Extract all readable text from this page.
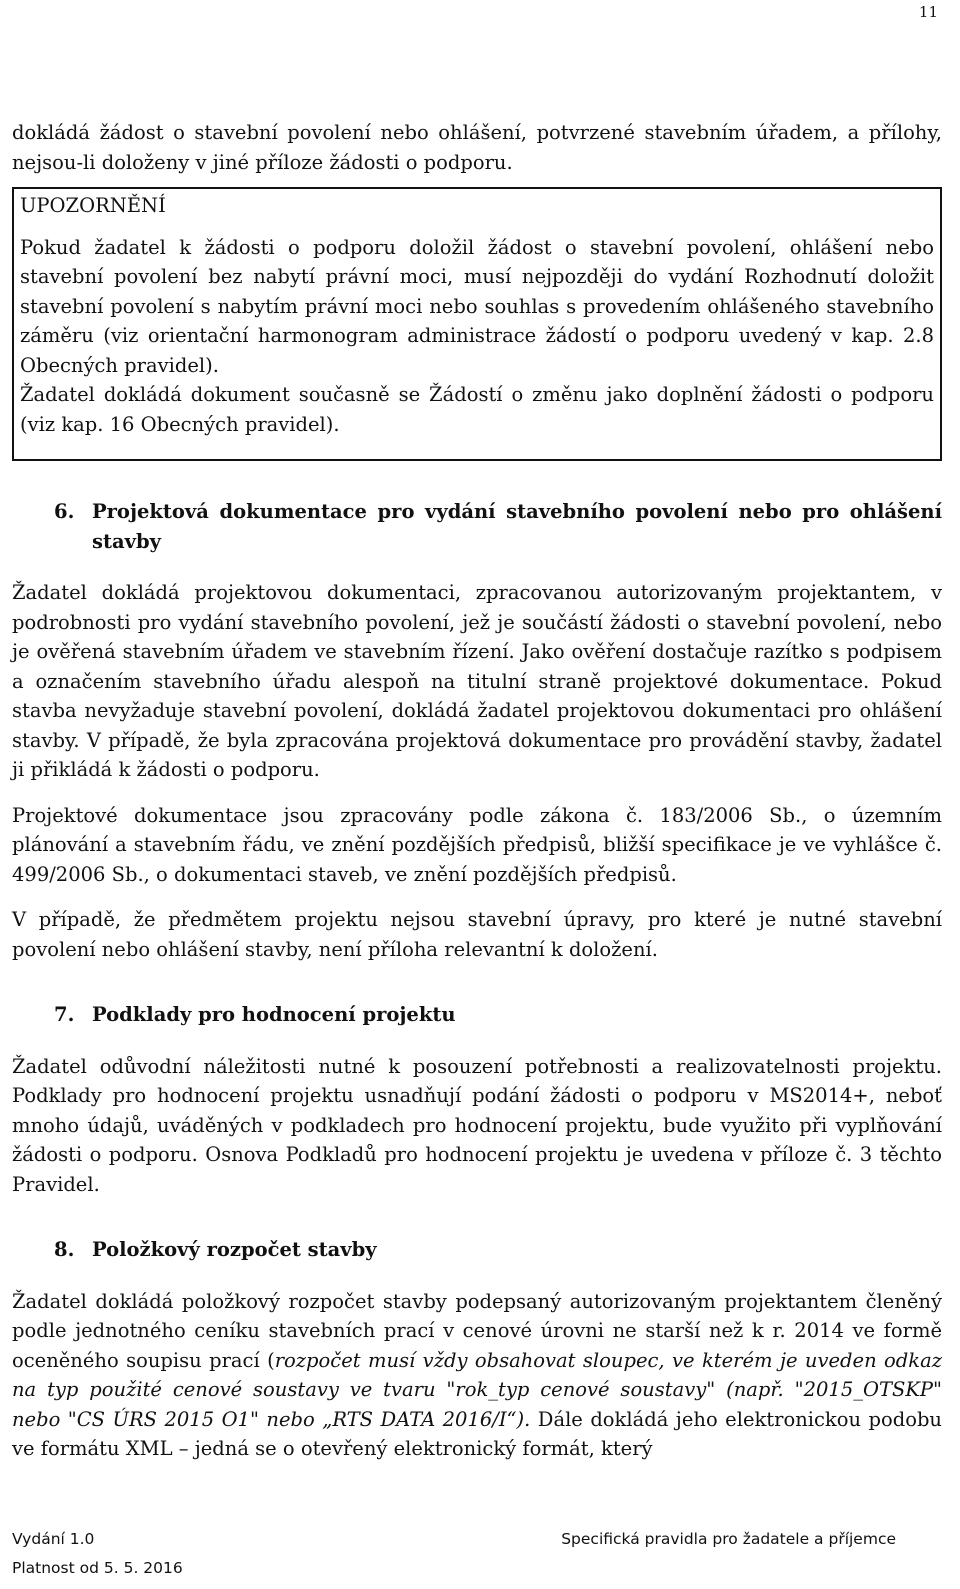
11

dokládá žádost o stavební povolení nebo ohlášení, potvrzené stavebním úřadem, a přílohy, nejsou-li doloženy v jiné příloze žádosti o podporu.

UPOZORNĚNÍ

Pokud žadatel k žádosti o podporu doložil žádost o stavební povolení, ohlášení nebo stavební povolení bez nabytí právní moci, musí nejpozději do vydání Rozhodnutí doložit stavební povolení s nabytím právní moci nebo souhlas s provedením ohlášeného stavebního záměru (viz orientační harmonogram administrace žádostí o podporu uvedený v kap. 2.8 Obecných pravidel).

Žadatel dokládá dokument současně se Žádostí o změnu jako doplnění žádosti o podporu (viz kap. 16 Obecných pravidel).

6. Projektová dokumentace pro vydání stavebního povolení nebo pro ohlášení stavby

Žadatel dokládá projektovou dokumentaci, zpracovanou autorizovaným projektantem, v podrobnosti pro vydání stavebního povolení, jež je součástí žádosti o stavební povolení, nebo je ověřená stavebním úřadem ve stavebním řízení. Jako ověření dostačuje razítko s podpisem a označením stavebního úřadu alespoň na titulní straně projektové dokumentace. Pokud stavba nevyžaduje stavební povolení, dokládá žadatel projektovou dokumentaci pro ohlášení stavby. V případě, že byla zpracována projektová dokumentace pro provádění stavby, žadatel ji přikládá k žádosti o podporu.

Projektové dokumentace jsou zpracovány podle zákona č. 183/2006 Sb., o územním plánování a stavebním řádu, ve znění pozdějších předpisů, bližší specifikace je ve vyhlášce č. 499/2006 Sb., o dokumentaci staveb, ve znění pozdějších předpisů.

V případě, že předmětem projektu nejsou stavební úpravy, pro které je nutné stavební povolení nebo ohlášení stavby, není příloha relevantní k doložení.

7. Podklady pro hodnocení projektu

Žadatel odůvodní náležitosti nutné k posouzení potřebnosti a realizovatelnosti projektu. Podklady pro hodnocení projektu usnadňují podání žádosti o podporu v MS2014+, neboť mnoho údajů, uváděných v podkladech pro hodnocení projektu, bude využito při vyplňování žádosti o podporu. Osnova Podkladů pro hodnocení projektu je uvedena v příloze č. 3 těchto Pravidel.

8. Položkový rozpočet stavby

Žadatel dokládá položkový rozpočet stavby podepsaný autorizovaným projektantem členěný podle jednotného ceníku stavebních prací v cenové úrovni ne starší než k r. 2014 ve formě oceněného soupisu prací (rozpočet musí vždy obsahovat sloupec, ve kterém je uveden odkaz na typ použité cenové soustavy ve tvaru "rok_typ cenové soustavy" (např. "2015_OTSKP" nebo "CS ÚRS 2015 O1" nebo „RTS DATA 2016/I“). Dále dokládá jeho elektronickou podobu ve formátu XML – jedná se o otevřený elektronický formát, který

Vydání 1.0
Platnost od 5. 5. 2016
Specifická pravidla pro žadatele a příjemce
